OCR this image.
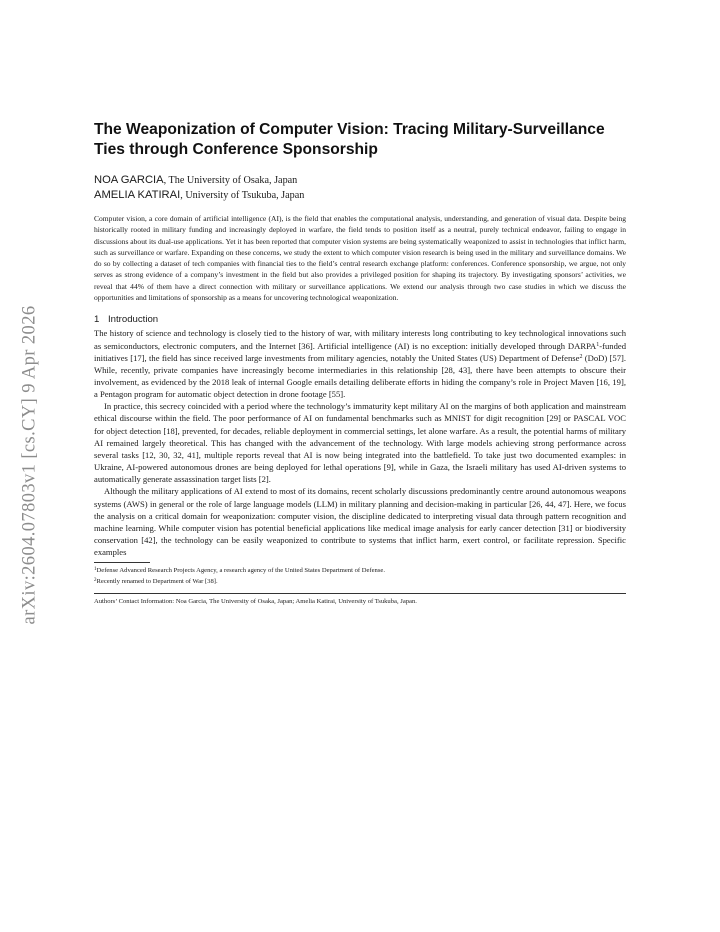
arXiv:2604.07803v1 [cs.CY] 9 Apr 2026
The Weaponization of Computer Vision: Tracing Military-Surveillance Ties through Conference Sponsorship
NOA GARCIA, The University of Osaka, Japan
AMELIA KATIRAI, University of Tsukuba, Japan
Computer vision, a core domain of artificial intelligence (AI), is the field that enables the computational analysis, understanding, and generation of visual data. Despite being historically rooted in military funding and increasingly deployed in warfare, the field tends to position itself as a neutral, purely technical endeavor, failing to engage in discussions about its dual-use applications. Yet it has been reported that computer vision systems are being systematically weaponized to assist in technologies that inflict harm, such as surveillance or warfare. Expanding on these concerns, we study the extent to which computer vision research is being used in the military and surveillance domains. We do so by collecting a dataset of tech companies with financial ties to the field’s central research exchange platform: conferences. Conference sponsorship, we argue, not only serves as strong evidence of a company’s investment in the field but also provides a privileged position for shaping its trajectory. By investigating sponsors’ activities, we reveal that 44% of them have a direct connection with military or surveillance applications. We extend our analysis through two case studies in which we discuss the opportunities and limitations of sponsorship as a means for uncovering technological weaponization.
1 Introduction

The history of science and technology is closely tied to the history of war, with military interests long contributing to key technological innovations such as semiconductors, electronic computers, and the Internet [36]. Artificial intelligence (AI) is no exception: initially developed through DARPA$^1$-funded initiatives [17], the field has since received large investments from military agencies, notably the United States (US) Department of Defense$^2$ (DoD) [57]. While, recently, private companies have increasingly become intermediaries in this relationship [28, 43], there have been attempts to obscure their involvement, as evidenced by the 2018 leak of internal Google emails detailing deliberate efforts in hiding the company’s role in Project Maven [16, 19], a Pentagon program for automatic object detection in drone footage [55].

In practice, this secrecy coincided with a period where the technology’s immaturity kept military AI on the margins of both application and mainstream ethical discourse within the field. The poor performance of AI on fundamental benchmarks such as MNIST for digit recognition [29] or PASCAL VOC for object detection [18], prevented, for decades, reliable deployment in commercial settings, let alone warfare. As a result, the potential harms of military AI remained largely theoretical. This has changed with the advancement of the technology. With large models achieving strong performance across several tasks [12, 30, 32, 41], multiple reports reveal that AI is now being integrated into the battlefield. To take just two documented examples: in Ukraine, AI-powered autonomous drones are being deployed for lethal operations [9], while in Gaza, the Israeli military has used AI-driven systems to automatically generate assassination target lists [2].

Although the military applications of AI extend to most of its domains, recent scholarly discussions predominantly centre around autonomous weapons systems (AWS) in general or the role of large language models (LLM) in military planning and decision-making in particular [26, 44, 47]. Here, we focus the analysis on a critical domain for weaponization: computer vision, the discipline dedicated to interpreting visual data through pattern recognition and machine learning. While computer vision has potential beneficial applications like medical image analysis for early cancer detection [31] or biodiversity conservation [42], the technology can be easily weaponized to contribute to systems that inflict harm, exert control, or facilitate repression. Specific examples

$^1$Defense Advanced Research Projects Agency, a research agency of the United States Department of Defense.
$^2$Recently renamed to Department of War [38].
Authors’ Contact Information: Noa Garcia, The University of Osaka, Japan; Amelia Katirai, University of Tsukuba, Japan.
